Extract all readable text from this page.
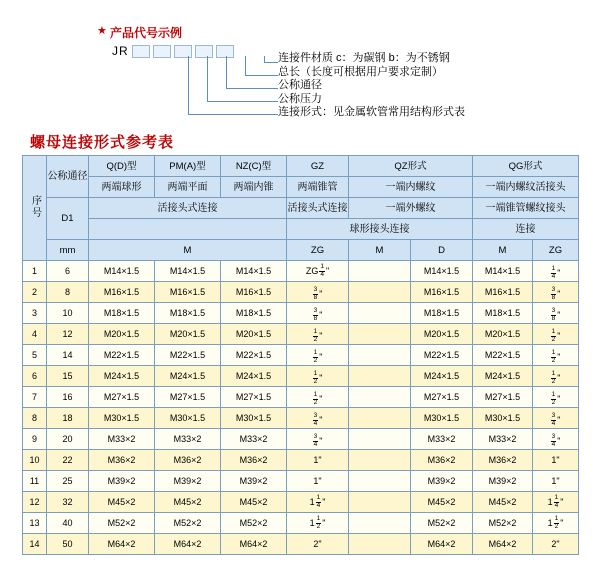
★ 产品代号示例
JR	连接件材质 c：为碳钢 b：为不锈钢
总长（长度可根据用户要求定制）
公称通径
公称压力
连接形式：见金属软管常用结构形式表
螺母连接形式参考表
序号	公称通径	Q(D)型	PM(A)型	NZ(C)型	GZ	QZ形式		QG形式	
		两端球形	两端平面	两端内锥	两端锥管	一端内螺纹		一端内螺纹活接头	
	D1	活接头式连接			活接头式连接	一端外螺纹		一端锥管螺纹接头	
					球形接头连接			连接	
	mm	M			ZG	M	D	M	ZG
1	6	M14×1.5	M14×1.5	M14×1.5	ZG $\frac{1}{4}$ "		M14×1.5	M14×1.5	$\frac{1}{4}$ "

2	8	M16×1.5	M16×1.5	M16×1.5	$\frac{3}{8}$ "		M16×1.5	M16×1.5	$\frac{3}{8}$ "

3	10	M18×1.5	M18×1.5	M18×1.5	$\frac{3}{8}$ "		M18×1.5	M18×1.5	$\frac{3}{8}$ "

4	12	M20×1.5	M20×1.5	M20×1.5	$\frac{1}{2}$ "		M20×1.5	M20×1.5	$\frac{1}{2}$ "

5	14	M22×1.5	M22×1.5	M22×1.5	$\frac{1}{2}$ "		M22×1.5	M22×1.5	$\frac{1}{2}$ "

6	15	M24×1.5	M24×1.5	M24×1.5	$\frac{1}{2}$ "		M24×1.5	M24×1.5	$\frac{1}{2}$ "

7	16	M27×1.5	M27×1.5	M27×1.5	$\frac{1}{2}$ "		M27×1.5	M27×1.5	$\frac{1}{2}$ "

8	18	M30×1.5	M30×1.5	M30×1.5	$\frac{3}{4}$ "		M30×1.5	M30×1.5	$\frac{3}{4}$ "

9	20	M33×2	M33×2	M33×2	$\frac{3}{4}$ "		M33×2	M33×2	$\frac{3}{4}$ "

10	22	M36×2	M36×2	M36×2	1"		M36×2	M36×2	1"
11	25	M39×2	M39×2	M39×2	1"		M39×2	M39×2	1"
12	32	M45×2	M45×2	M45×2	$1 \frac{1}{4}$ "		M45×2	M45×2	$1 \frac{1}{4}$ "

13	40	M52×2	M52×2	M52×2	$1 \frac{1}{2}$ "		M52×2	M52×2	$1 \frac{1}{2}$ "

14	50	M64×2	M64×2	M64×2	2"		M64×2	M64×2	2"
